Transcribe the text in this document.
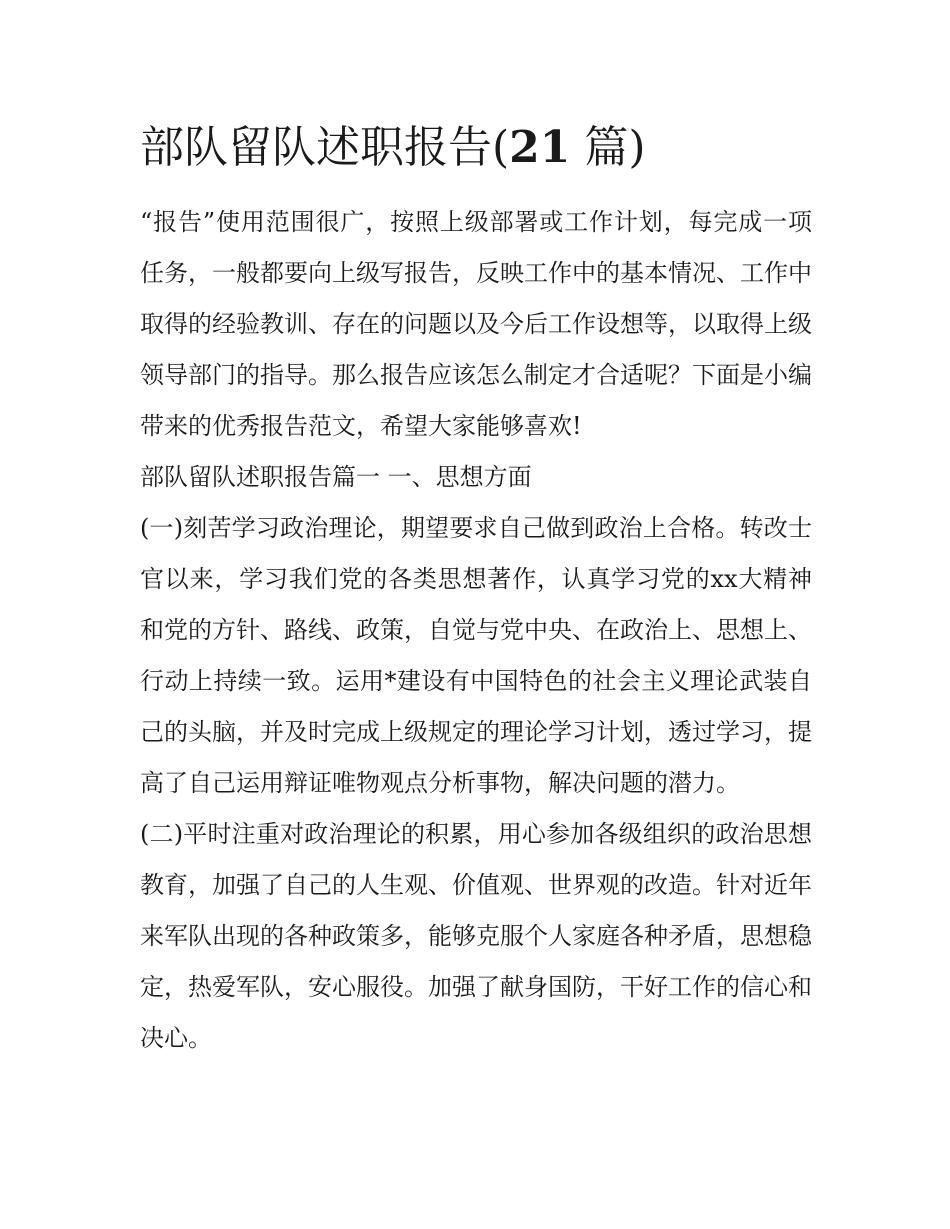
部队留队述职报告(21 篇)

“报告”使用范围很广，按照上级部署或工作计划，每完成一项任务，一般都要向上级写报告，反映工作中的基本情况、工作中取得的经验教训、存在的问题以及今后工作设想等，以取得上级领导部门的指导。那么报告应该怎么制定才合适呢？下面是小编带来的优秀报告范文，希望大家能够喜欢!

部队留队述职报告篇一 一、思想方面

(一)刻苦学习政治理论，期望要求自己做到政治上合格。转改士官以来，学习我们党的各类思想著作，认真学习党的xx大精神和党的方针、路线、政策，自觉与党中央、在政治上、思想上、行动上持续一致。运用*建设有中国特色的社会主义理论武装自己的头脑，并及时完成上级规定的理论学习计划，透过学习，提高了自己运用辩证唯物观点分析事物，解决问题的潜力。

(二)平时注重对政治理论的积累，用心参加各级组织的政治思想教育，加强了自己的人生观、价值观、世界观的改造。针对近年来军队出现的各种政策多，能够克服个人家庭各种矛盾，思想稳定，热爱军队，安心服役。加强了献身国防，干好工作的信心和决心。
